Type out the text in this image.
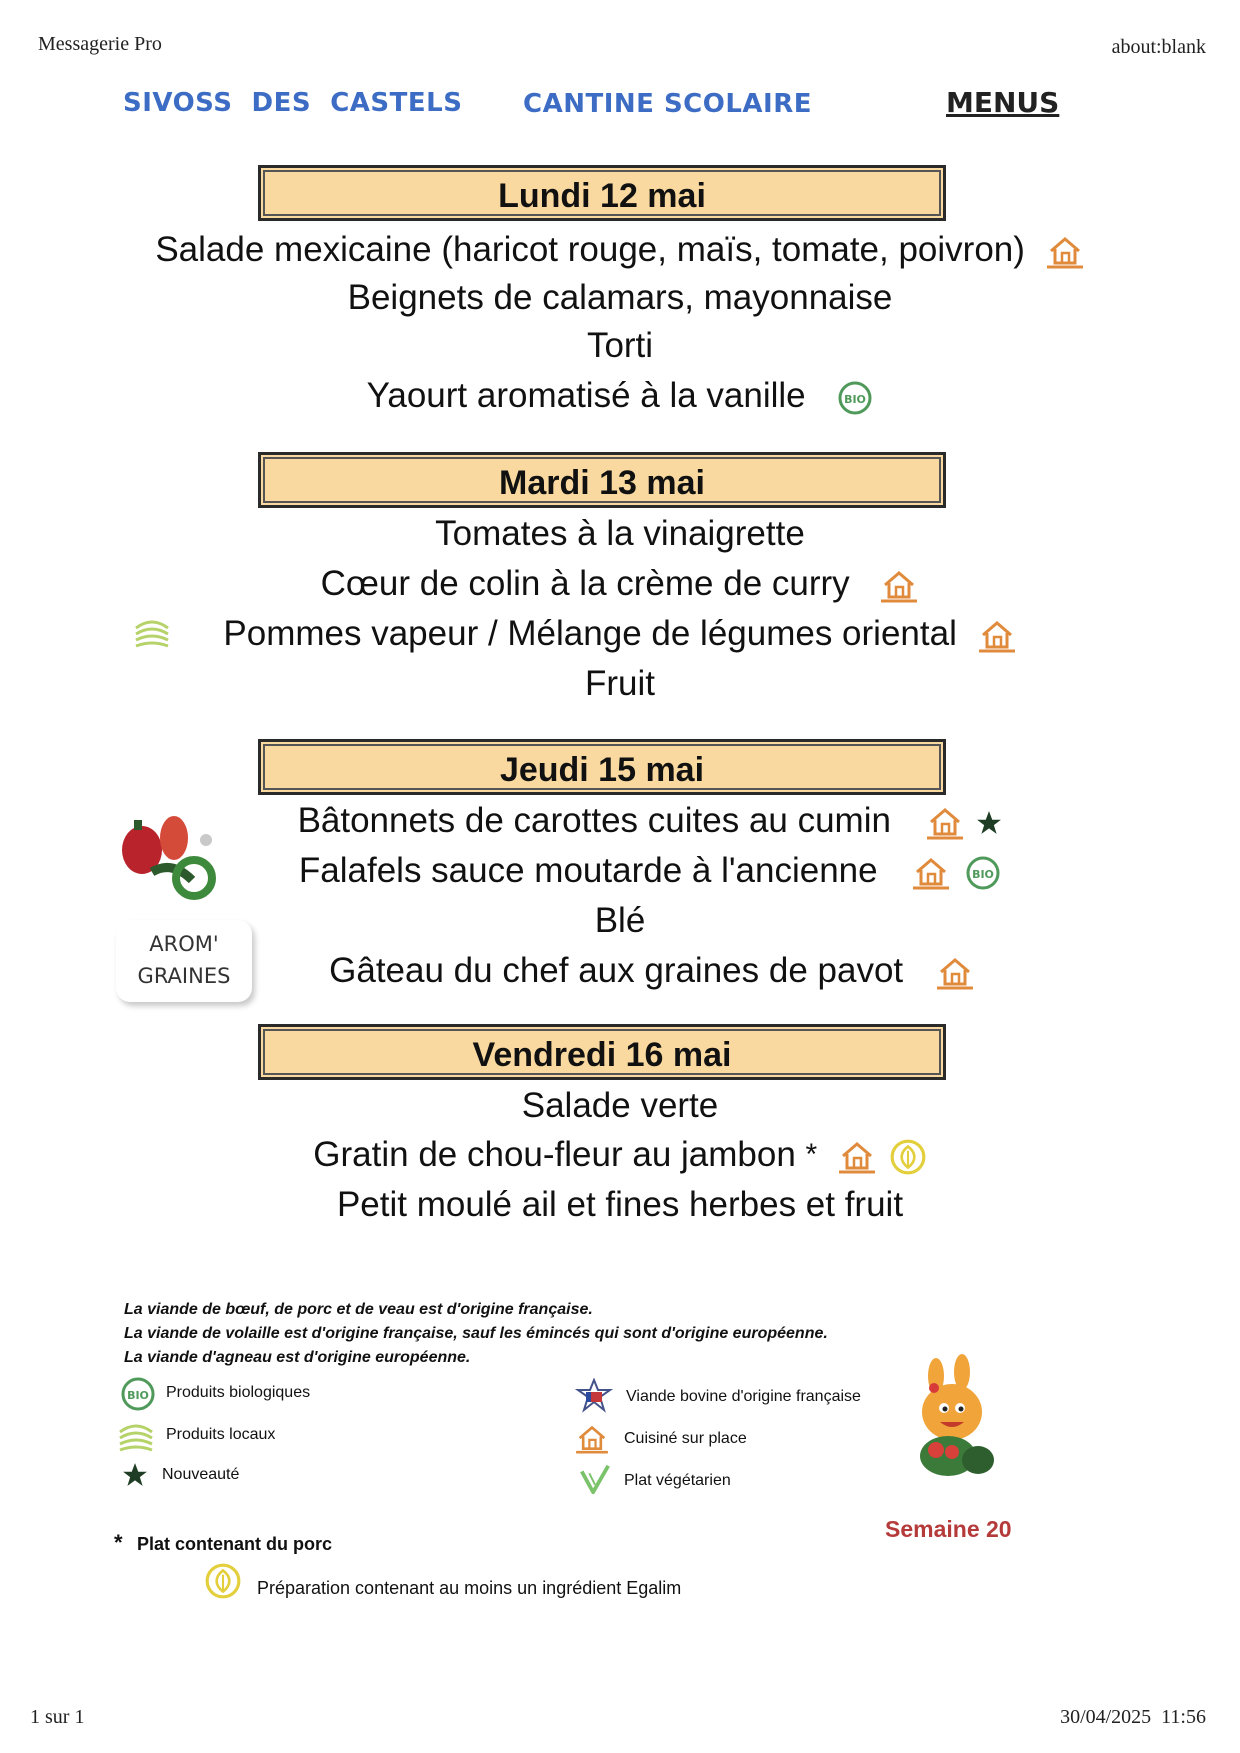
Messagerie Pro	about:blank
1 sur 1	30/04/2025  11:56
SIVOSS  DES  CASTELS CANTINE SCOLAIRE	MENUS
Lundi 12 mai
Salade mexicaine (haricot rouge, maïs, tomate, poivron)
Beignets de calamars, mayonnaise
Torti
Yaourt aromatisé à la vanille
Mardi 13 mai
Tomates à la vinaigrette
Cœur de colin à la crème de curry
Pommes vapeur / Mélange de légumes oriental
Fruit
Jeudi 15 mai
Bâtonnets de carottes cuites au cumin
Falafels sauce moutarde à l'ancienne
Blé
Gâteau du chef aux graines de pavot
AROM'
GRAINES
Vendredi 16 mai
Salade verte
Gratin de chou-fleur au jambon *
Petit moulé ail et fines herbes et fruit
La viande de bœuf, de porc et de veau est d'origine française.
La viande de volaille est d'origine française, sauf les émincés qui sont d'origine européenne.
La viande d'agneau est d'origine européenne.
Produits biologiques
Produits locaux
Nouveauté
Viande bovine d'origine française
Cuisiné sur place
Plat végétarien
Semaine 20
* Plat contenant du porc
Préparation contenant au moins un ingrédient Egalim
